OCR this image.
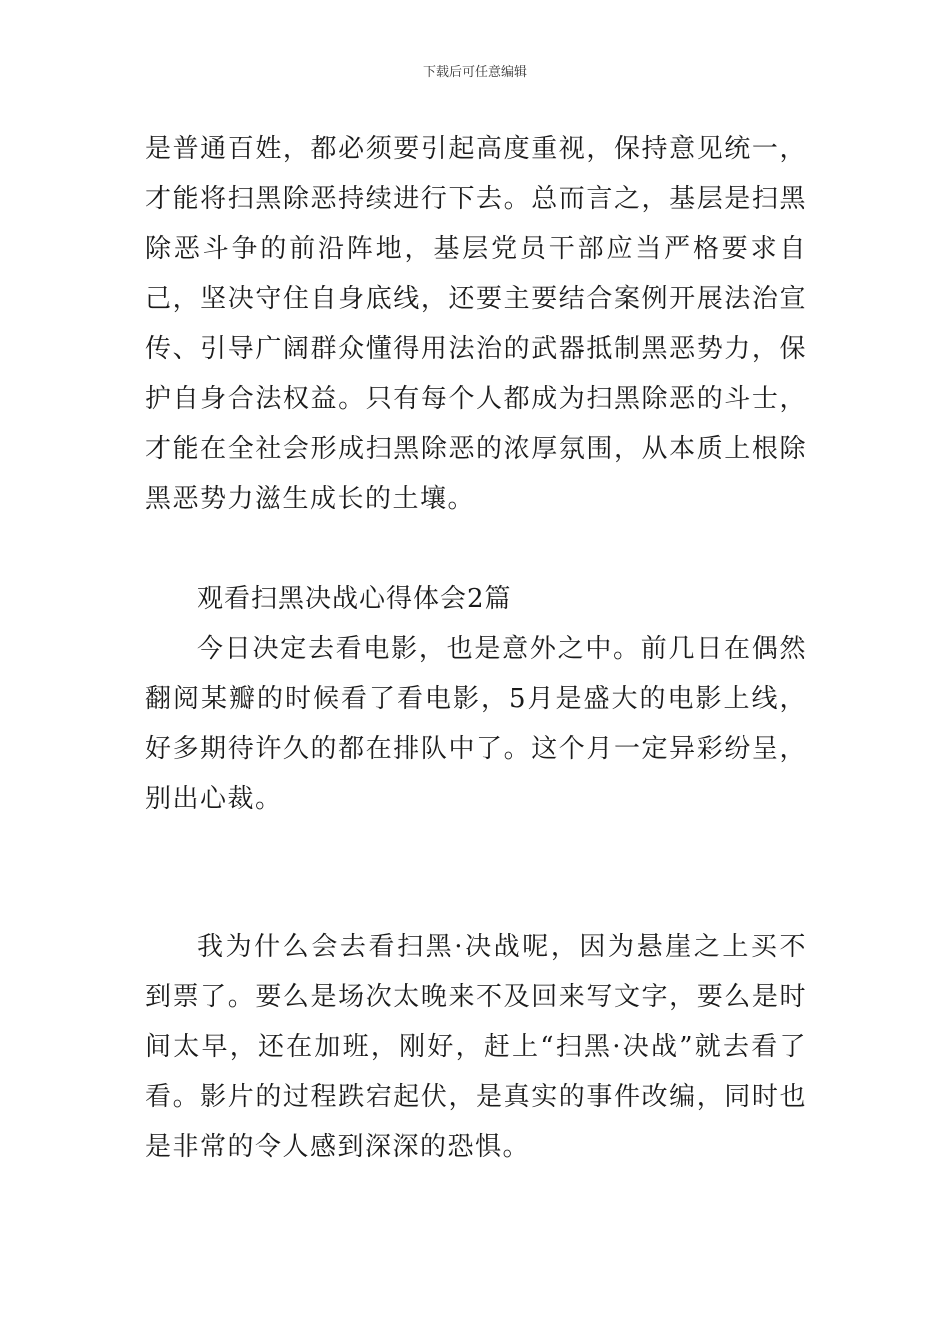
下载后可任意编辑

是普通百姓，都必须要引起高度重视，保持意见统一，才能将扫黑除恶持续进行下去。总而言之，基层是扫黑除恶斗争的前沿阵地，基层党员干部应当严格要求自己，坚决守住自身底线，还要主要结合案例开展法治宣传、引导广阔群众懂得用法治的武器抵制黑恶势力，保护自身合法权益。只有每个人都成为扫黑除恶的斗士，才能在全社会形成扫黑除恶的浓厚氛围，从本质上根除黑恶势力滋生成长的土壤。

观看扫黑决战心得体会2篇

今日决定去看电影，也是意外之中。前几日在偶然翻阅某瓣的时候看了看电影，5月是盛大的电影上线，好多期待许久的都在排队中了。这个月一定异彩纷呈，别出心裁。

我为什么会去看扫黑·决战呢，因为悬崖之上买不到票了。要么是场次太晚来不及回来写文字，要么是时间太早，还在加班，刚好，赶上“扫黑·决战”就去看了看。影片的过程跌宕起伏，是真实的事件改编，同时也是非常的令人感到深深的恐惧。
